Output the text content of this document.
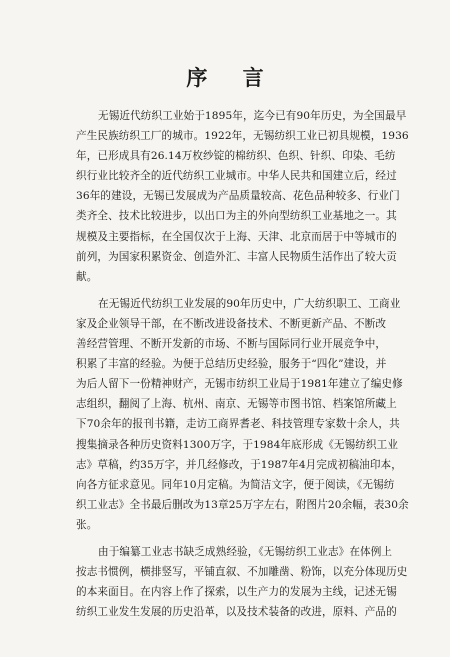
序 言

无锡近代纺织工业始于1895年，迄今已有90年历史，为全国最早
产生民族纺织工厂的城市。1922年，无锡纺织工业已初具规模，1936
年，已形成具有26.14万枚纱锭的棉纺织、色织、针织、印染、毛纺
织行业比较齐全的近代纺织工业城市。中华人民共和国建立后，经过
36年的建设，无锡已发展成为产品质量较高、花色品种较多、行业门
类齐全、技术比较进步，以出口为主的外向型纺织工业基地之一。其
规模及主要指标，在全国仅次于上海、天津、北京而居于中等城市的
前列，为国家积累资金、创造外汇、丰富人民物质生活作出了较大贡
献。

在无锡近代纺织工业发展的90年历史中，广大纺织职工、工商业
家及企业领导干部，在不断改进设备技术、不断更新产品、不断改
善经营管理、不断开发新的市场、不断与国际同行业开展竞争中，
积累了丰富的经验。为便于总结历史经验，服务于“四化”建设，并
为后人留下一份精神财产，无锡市纺织工业局于1981年建立了编史修
志组织，翻阅了上海、杭州、南京、无锡等市图书馆、档案馆所藏上
下70余年的报刊书籍，走访工商界耆老、科技管理专家数十余人，共
搜集摘录各种历史资料1300万字，于1984年底形成《无锡纺织工业
志》草稿，约35万字，并几经修改，于1987年4月完成初稿油印本，
向各方征求意见。同年10月定稿。为简洁文字，便于阅读，《无锡纺
织工业志》全书最后删改为13章25万字左右，附图片20余幅，表30余
张。

由于编纂工业志书缺乏成熟经验，《无锡纺织工业志》在体例上
按志书惯例，横排竖写，平铺直叙、不加雕凿、粉饰，以充分体现历史
的本来面目。在内容上作了探索，以生产力的发展为主线，记述无锡
纺织工业发生发展的历史沿革，以及技术装备的改进，原料、产品的
